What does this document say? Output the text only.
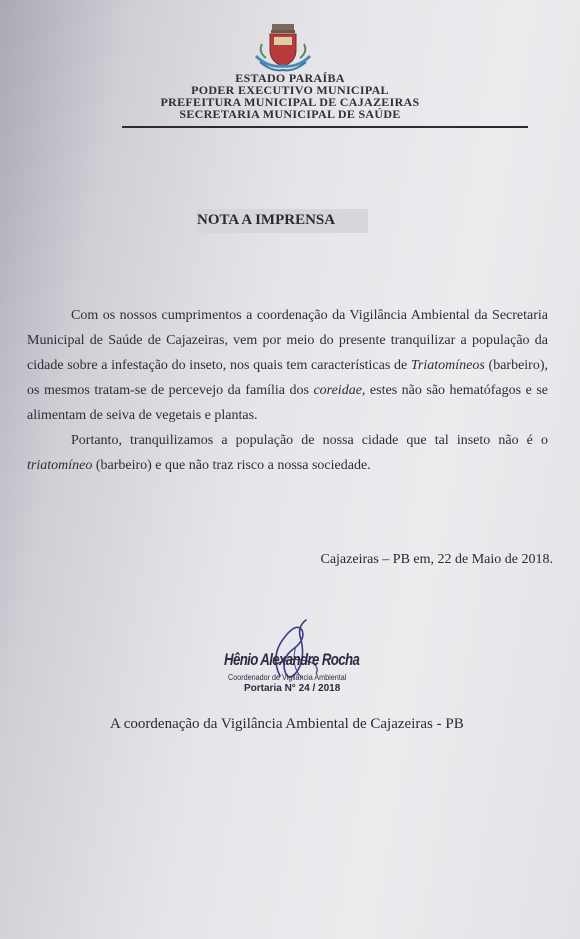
ESTADO PARAÍBA
PODER EXECUTIVO MUNICIPAL
PREFEITURA MUNICIPAL DE CAJAZEIRAS
SECRETARIA MUNICIPAL DE SAÚDE
NOTA A IMPRENSA

Com os nossos cumprimentos a coordenação da Vigilância Ambiental da Secretaria Municipal de Saúde de Cajazeiras, vem por meio do presente tranquilizar a população da cidade sobre a infestação do inseto, nos quais tem características de Triatomíneos (barbeiro), os mesmos tratam-se de percevejo da família dos coreidae, estes não são hematófagos e se alimentam de seiva de vegetais e plantas.

Portanto, tranquilizamos a população de nossa cidade que tal inseto não é o triatomíneo (barbeiro) e que não traz risco a nossa sociedade.

Cajazeiras – PB em, 22 de Maio de 2018.
Hênio Alexandre Rocha
Coordenador de Vigilância Ambiental
Portaria N° 24 / 2018
A coordenação da Vigilância Ambiental de Cajazeiras - PB
